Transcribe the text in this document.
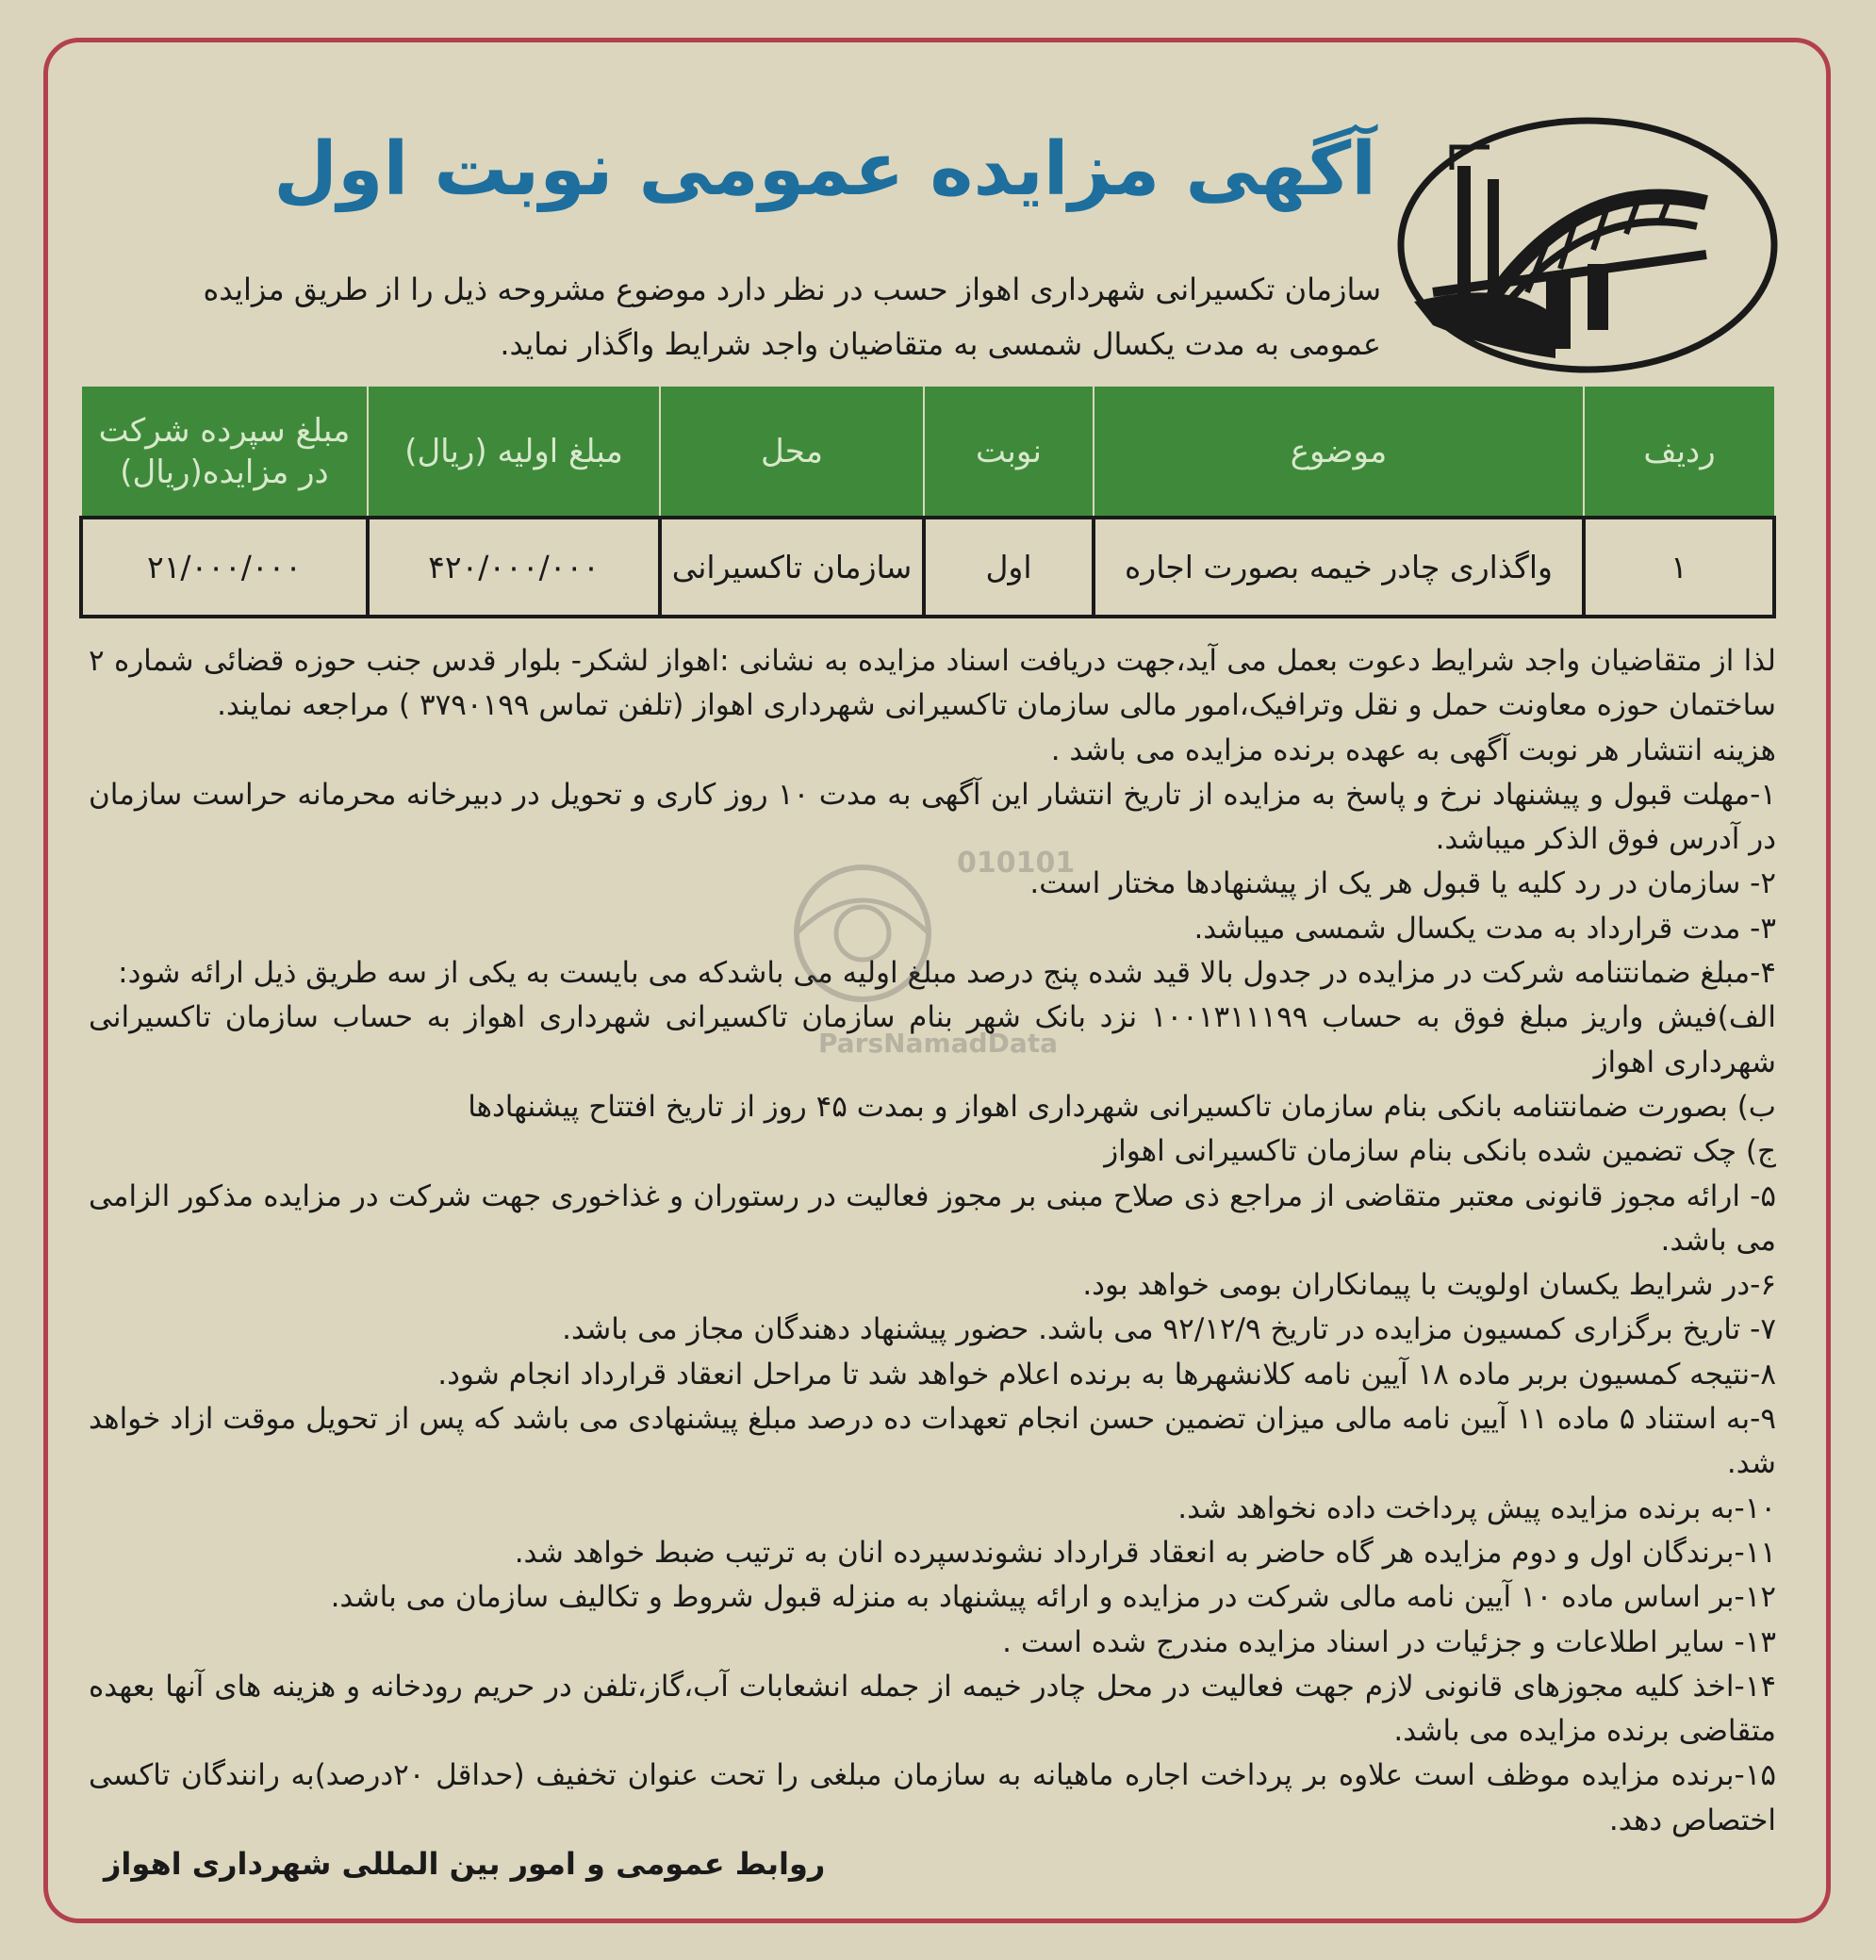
آگهی مزایده عمومی نوبت اول
سازمان تکسیرانی شهرداری اهواز حسب در نظر دارد موضوع مشروحه ذیل را از طریق مزایده عمومی به مدت یکسال شمسی به متقاضیان واجد شرایط واگذار نماید.
ردیف	موضوع	نوبت	محل	مبلغ اولیه (ریال)	مبلغ سپرده شرکت در مزایده(ریال)
۱	واگذاری چادر خیمه بصورت اجاره	اول	سازمان تاکسیرانی	۴۲۰/۰۰۰/۰۰۰	۲۱/۰۰۰/۰۰۰

لذا از متقاضیان واجد شرایط دعوت بعمل می آید،جهت دریافت اسناد مزایده به نشانی :اهواز لشکر- بلوار قدس جنب حوزه قضائی شماره ۲ ساختمان حوزه معاونت حمل و نقل وترافیک،امور مالی سازمان تاکسیرانی شهرداری اهواز (تلفن تماس ۳۷۹۰۱۹۹ ) مراجعه نمایند.

هزینه انتشار هر نوبت آگهی به عهده برنده مزایده می باشد .

۱-مهلت قبول و پیشنهاد نرخ و پاسخ به مزایده از تاریخ انتشار این آگهی به مدت ۱۰ روز کاری و تحویل در دبیرخانه محرمانه حراست سازمان در آدرس فوق الذکر میباشد.

۲- سازمان در رد کلیه یا قبول هر یک از پیشنهادها مختار است.

۳- مدت قرارداد به مدت یکسال شمسی میباشد.

۴-مبلغ ضمانتنامه شرکت در مزایده در جدول بالا قید شده پنج درصد مبلغ اولیه می باشدکه می بایست به یکی از سه طریق ذیل ارائه شود:

الف)فیش واریز مبلغ فوق به حساب ۱۰۰۱۳۱۱۱۹۹ نزد بانک شهر بنام سازمان تاکسیرانی شهرداری اهواز به حساب سازمان تاکسیرانی شهرداری اهواز

ب) بصورت ضمانتنامه بانکی بنام سازمان تاکسیرانی شهرداری اهواز و بمدت ۴۵ روز از تاریخ افتتاح پیشنهادها

ج) چک تضمین شده بانکی بنام سازمان تاکسیرانی اهواز

۵- ارائه مجوز قانونی معتبر متقاضی از مراجع ذی صلاح مبنی بر مجوز فعالیت در رستوران و غذاخوری جهت شرکت در مزایده مذکور الزامی می باشد.

۶-در شرایط یکسان اولویت با پیمانکاران بومی خواهد بود.

۷- تاریخ برگزاری کمسیون مزایده در تاریخ ۹۲/۱۲/۹ می باشد. حضور پیشنهاد دهندگان مجاز می باشد.

۸-نتیجه کمسیون بربر ماده ۱۸ آیین نامه کلانشهرها به برنده اعلام خواهد شد تا مراحل انعقاد قرارداد انجام شود.

۹-به استناد ۵ ماده ۱۱ آیین نامه مالی میزان تضمین حسن انجام تعهدات ده درصد مبلغ پیشنهادی می باشد که پس از تحویل موقت ازاد خواهد شد.

۱۰-به برنده مزایده پیش پرداخت داده نخواهد شد.

۱۱-برندگان اول و دوم مزایده هر گاه حاضر به انعقاد قرارداد نشوندسپرده انان به ترتیب ضبط خواهد شد.

۱۲-بر اساس ماده ۱۰ آیین نامه مالی شرکت در مزایده و ارائه پیشنهاد به منزله قبول شروط و تکالیف سازمان می باشد.

۱۳- سایر اطلاعات و جزئیات در اسناد مزایده مندرج شده است .

۱۴-اخذ کلیه مجوزهای قانونی لازم جهت فعالیت در محل چادر خیمه از جمله انشعابات آب،گاز،تلفن در حریم رودخانه و هزینه های آنها بعهده متقاضی برنده مزایده می باشد.

۱۵-برنده مزایده موظف است علاوه بر پرداخت اجاره ماهیانه به سازمان مبلغی را تحت عنوان تخفیف (حداقل ۲۰درصد)به رانندگان تاکسی اختصاص دهد.

010101
ParsNamadData
روابط عمومی و امور بین المللی شهرداری اهواز
